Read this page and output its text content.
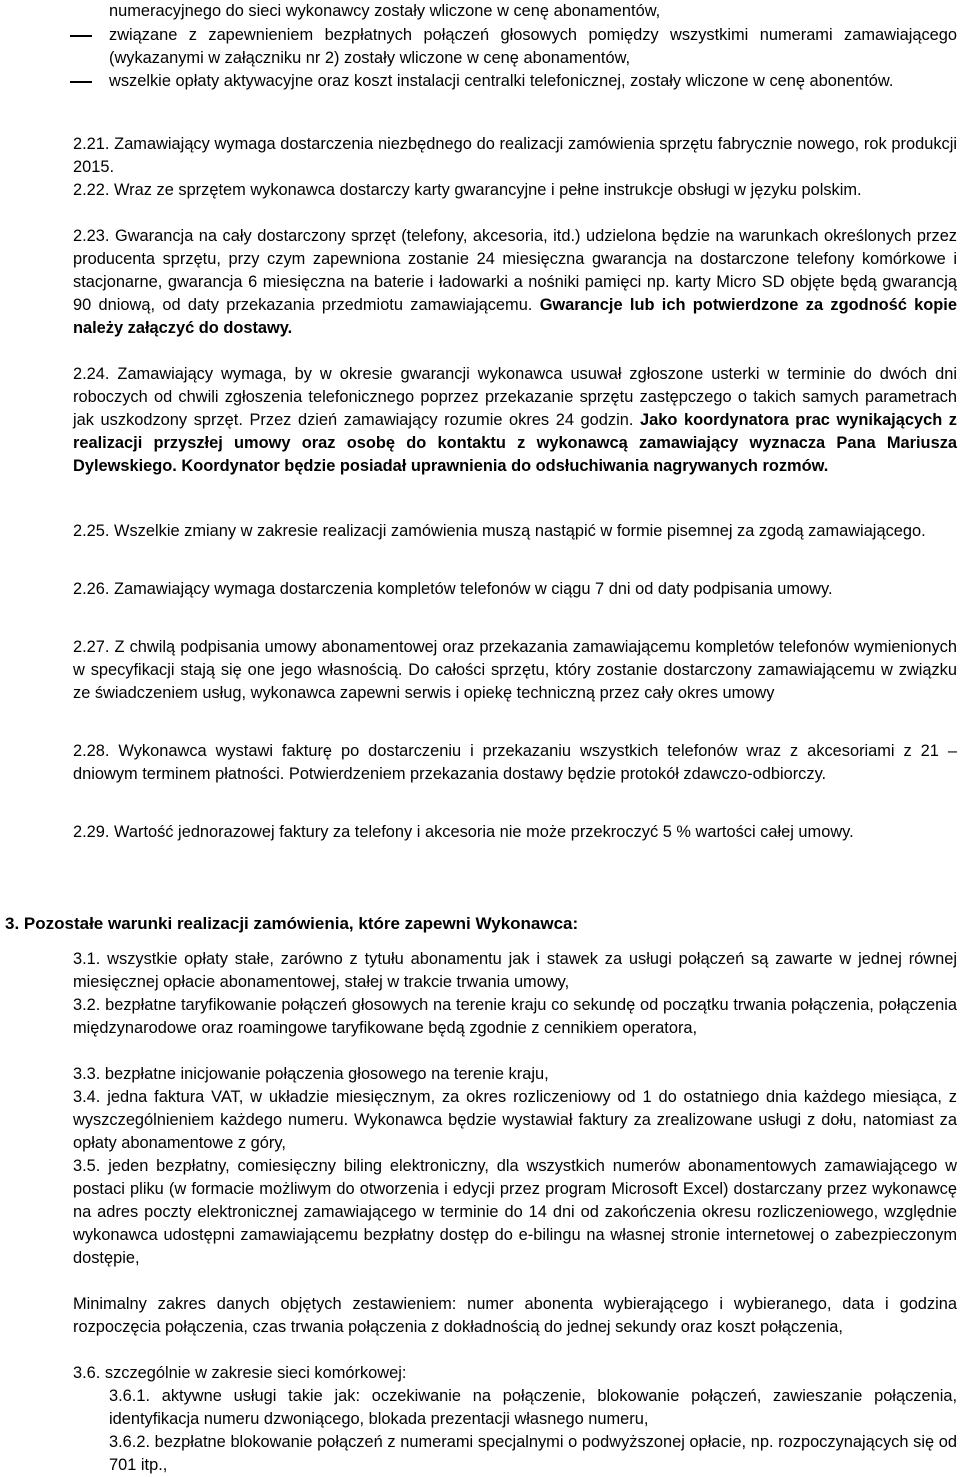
numeracyjnego do sieci wykonawcy zostały wliczone w cenę abonamentów,

związane z zapewnieniem bezpłatnych połączeń głosowych pomiędzy wszystkimi numerami zamawiającego (wykazanymi w załączniku nr 2) zostały wliczone w cenę abonamentów,

wszelkie opłaty aktywacyjne oraz koszt instalacji centralki telefonicznej, zostały wliczone w cenę abonentów.

2.21. Zamawiający wymaga dostarczenia niezbędnego do realizacji zamówienia sprzętu fabrycznie nowego, rok produkcji 2015.

2.22. Wraz ze sprzętem wykonawca dostarczy karty gwarancyjne i pełne instrukcje obsługi w języku polskim.

2.23. Gwarancja na cały dostarczony sprzęt (telefony, akcesoria, itd.) udzielona będzie na warunkach określonych przez producenta sprzętu, przy czym zapewniona zostanie 24 miesięczna gwarancja na dostarczone telefony komórkowe i stacjonarne, gwarancja 6 miesięczna na baterie i ładowarki a nośniki pamięci np. karty Micro SD objęte będą gwarancją 90 dniową, od daty przekazania przedmiotu zamawiającemu. Gwarancje lub ich potwierdzone za zgodność kopie należy załączyć do dostawy.

2.24. Zamawiający wymaga, by w okresie gwarancji wykonawca usuwał zgłoszone usterki w terminie do dwóch dni roboczych od chwili zgłoszenia telefonicznego poprzez przekazanie sprzętu zastępczego o takich samych parametrach jak uszkodzony sprzęt. Przez dzień zamawiający rozumie okres 24 godzin. Jako koordynatora prac wynikających z realizacji przyszłej umowy oraz osobę do kontaktu z wykonawcą zamawiający wyznacza Pana Mariusza Dylewskiego. Koordynator będzie posiadał uprawnienia do odsłuchiwania nagrywanych rozmów.

2.25. Wszelkie zmiany w zakresie realizacji zamówienia muszą nastąpić w formie pisemnej za zgodą zamawiającego.

2.26. Zamawiający wymaga dostarczenia kompletów telefonów w ciągu 7 dni od daty podpisania umowy.

2.27. Z chwilą podpisania umowy abonamentowej oraz przekazania zamawiającemu kompletów telefonów wymienionych w specyfikacji stają się one jego własnością. Do całości sprzętu, który zostanie dostarczony zamawiającemu w związku ze świadczeniem usług, wykonawca zapewni serwis i opiekę techniczną przez cały okres umowy

2.28. Wykonawca wystawi fakturę po dostarczeniu i przekazaniu wszystkich telefonów wraz z akcesoriami z 21 – dniowym terminem płatności. Potwierdzeniem przekazania dostawy będzie protokół zdawczo-odbiorczy.

2.29. Wartość jednorazowej faktury za telefony i akcesoria nie może przekroczyć 5 % wartości całej umowy.

3. Pozostałe warunki realizacji zamówienia, które zapewni Wykonawca:

3.1. wszystkie opłaty stałe, zarówno z tytułu abonamentu jak i stawek za usługi połączeń są zawarte w jednej równej miesięcznej opłacie abonamentowej, stałej w trakcie trwania umowy,

3.2. bezpłatne taryfikowanie połączeń głosowych na terenie kraju co sekundę od początku trwania połączenia, połączenia międzynarodowe oraz roamingowe taryfikowane będą zgodnie z cennikiem operatora,

3.3. bezpłatne inicjowanie połączenia głosowego na terenie kraju,

3.4. jedna faktura VAT, w układzie miesięcznym, za okres rozliczeniowy od 1 do ostatniego dnia każdego miesiąca, z wyszczególnieniem każdego numeru. Wykonawca będzie wystawiał faktury za zrealizowane usługi z dołu, natomiast za opłaty abonamentowe z góry,

3.5. jeden bezpłatny, comiesięczny biling elektroniczny, dla wszystkich numerów abonamentowych zamawiającego w postaci pliku (w formacie możliwym do otworzenia i edycji przez program Microsoft Excel) dostarczany przez wykonawcę na adres poczty elektronicznej zamawiającego w terminie do 14 dni od zakończenia okresu rozliczeniowego, względnie wykonawca udostępni zamawiającemu bezpłatny dostęp do e-bilingu na własnej stronie internetowej o zabezpieczonym dostępie,

Minimalny zakres danych objętych zestawieniem: numer abonenta wybierającego i wybieranego, data i godzina rozpoczęcia połączenia, czas trwania połączenia z dokładnością do jednej sekundy oraz koszt połączenia,

3.6. szczególnie w zakresie sieci komórkowej:

3.6.1. aktywne usługi takie jak: oczekiwanie na połączenie, blokowanie połączeń, zawieszanie połączenia, identyfikacja numeru dzwoniącego, blokada prezentacji własnego numeru,

3.6.2. bezpłatne blokowanie połączeń z numerami specjalnymi o podwyższonej opłacie, np. rozpoczynających się od 701 itp.,
